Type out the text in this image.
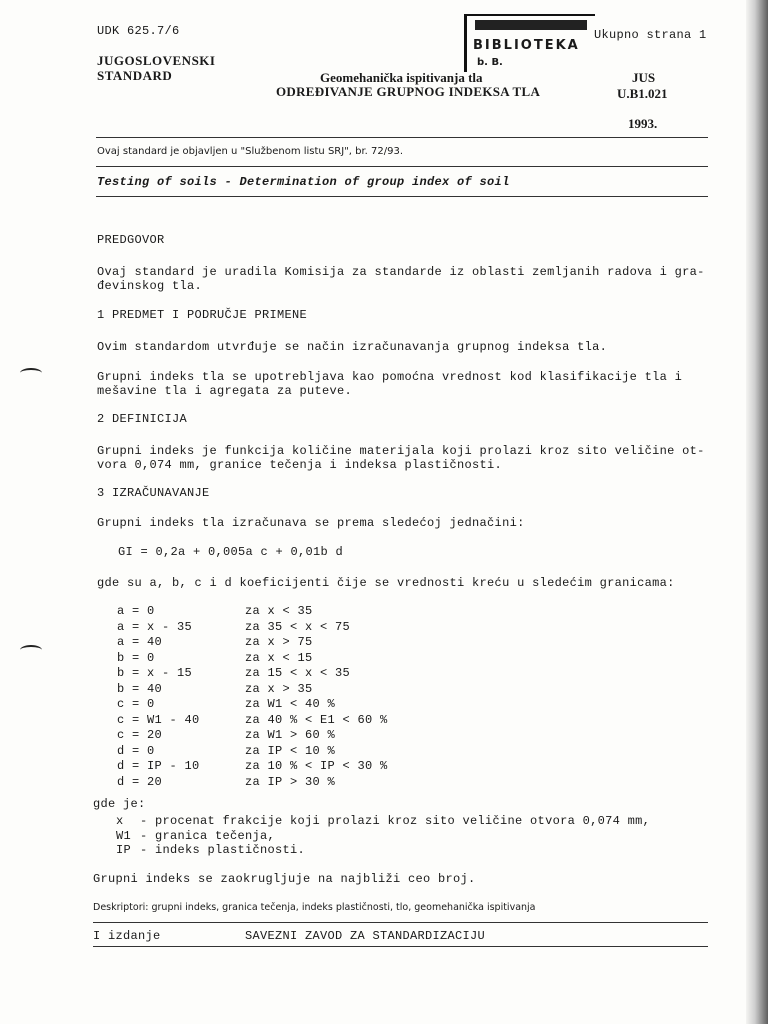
UDK 625.7/6
BIBLIOTEKA
b. B.
Ukupno strana 1
JUGOSLOVENSKI
STANDARD	Geomehanička ispitivanja tla
ODREĐIVANJE GRUPNOG INDEKSA TLA
JUS
U.B1.021
1993.
Ovaj standard je objavljen u "Službenom listu SRJ", br. 72/93.
Testing of soils - Determination of group index of soil
PREDGOVOR
Ovaj standard je uradila Komisija za standarde iz oblasti zemljanih radova i gra-
đevinskog tla.
1 PREDMET I PODRUČJE PRIMENE
Ovim standardom utvrđuje se način izračunavanja grupnog indeksa tla.
Grupni indeks tla se upotrebljava kao pomoćna vrednost kod klasifikacije tla i
mešavine tla i agregata za puteve.
2 DEFINICIJA
Grupni indeks je funkcija količine materijala koji prolazi kroz sito veličine ot-
vora 0,074 mm, granice tečenja i indeksa plastičnosti.
3 IZRAČUNAVANJE
Grupni indeks tla izračunava se prema sledećoj jednačini:
GI = 0,2a + 0,005a c + 0,01b d
gde su a, b, c i d koeficijenti čije se vrednosti kreću u sledećim granicama:
a = 0	za x < 35
a = x - 35	za 35 < x < 75
a = 40	za x > 75
b = 0	za x < 15
b = x - 15	za 15 < x < 35
b = 40	za x > 35
c = 0	za W1 < 40 %
c = W1 - 40	za 40 % < E1 < 60 %
c = 20	za W1 > 60 %
d = 0	za IP < 10 %
d = IP - 10	za 10 % < IP < 30 %
d = 20	za IP > 30 %
gde je:
x - procenat frakcije koji prolazi kroz sito veličine otvora 0,074 mm,
W1 - granica tečenja,
IP - indeks plastičnosti.
Grupni indeks se zaokrugljuje na najbliži ceo broj.
Deskriptori: grupni indeks, granica tečenja, indeks plastičnosti, tlo, geomehanička ispitivanja
I izdanje	SAVEZNI ZAVOD ZA STANDARDIZACIJU
